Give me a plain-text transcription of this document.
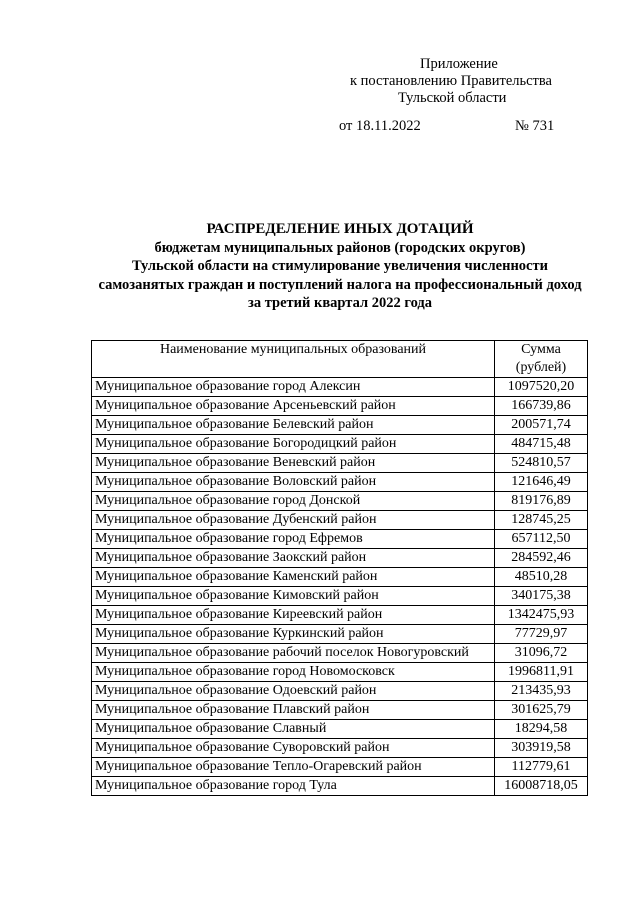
Приложение
к постановлению Правительства
Тульской области
от 18.11.2022	№ 731
РАСПРЕДЕЛЕНИЕ ИНЫХ ДОТАЦИЙ
бюджетам муниципальных районов (городских округов)
Тульской области на стимулирование увеличения численности
самозанятых граждан и поступлений налога на профессиональный доход
за третий квартал 2022 года
Наименование муниципальных образований	Сумма
(рублей)

Муниципальное образование город Алексин	1097520,20
Муниципальное образование Арсеньевский район	166739,86
Муниципальное образование Белевский район	200571,74
Муниципальное образование Богородицкий район	484715,48
Муниципальное образование Веневский район	524810,57
Муниципальное образование Воловский район	121646,49
Муниципальное образование город Донской	819176,89
Муниципальное образование Дубенский район	128745,25
Муниципальное образование город Ефремов	657112,50
Муниципальное образование Заокский район	284592,46
Муниципальное образование Каменский район	48510,28
Муниципальное образование Кимовский район	340175,38
Муниципальное образование Киреевский район	1342475,93
Муниципальное образование Куркинский район	77729,97
Муниципальное образование рабочий поселок Новогуровский	31096,72
Муниципальное образование город Новомосковск	1996811,91
Муниципальное образование Одоевский район	213435,93
Муниципальное образование Плавский район	301625,79
Муниципальное образование Славный	18294,58
Муниципальное образование Суворовский район	303919,58
Муниципальное образование Тепло-Огаревский район	112779,61
Муниципальное образование город Тула	16008718,05
